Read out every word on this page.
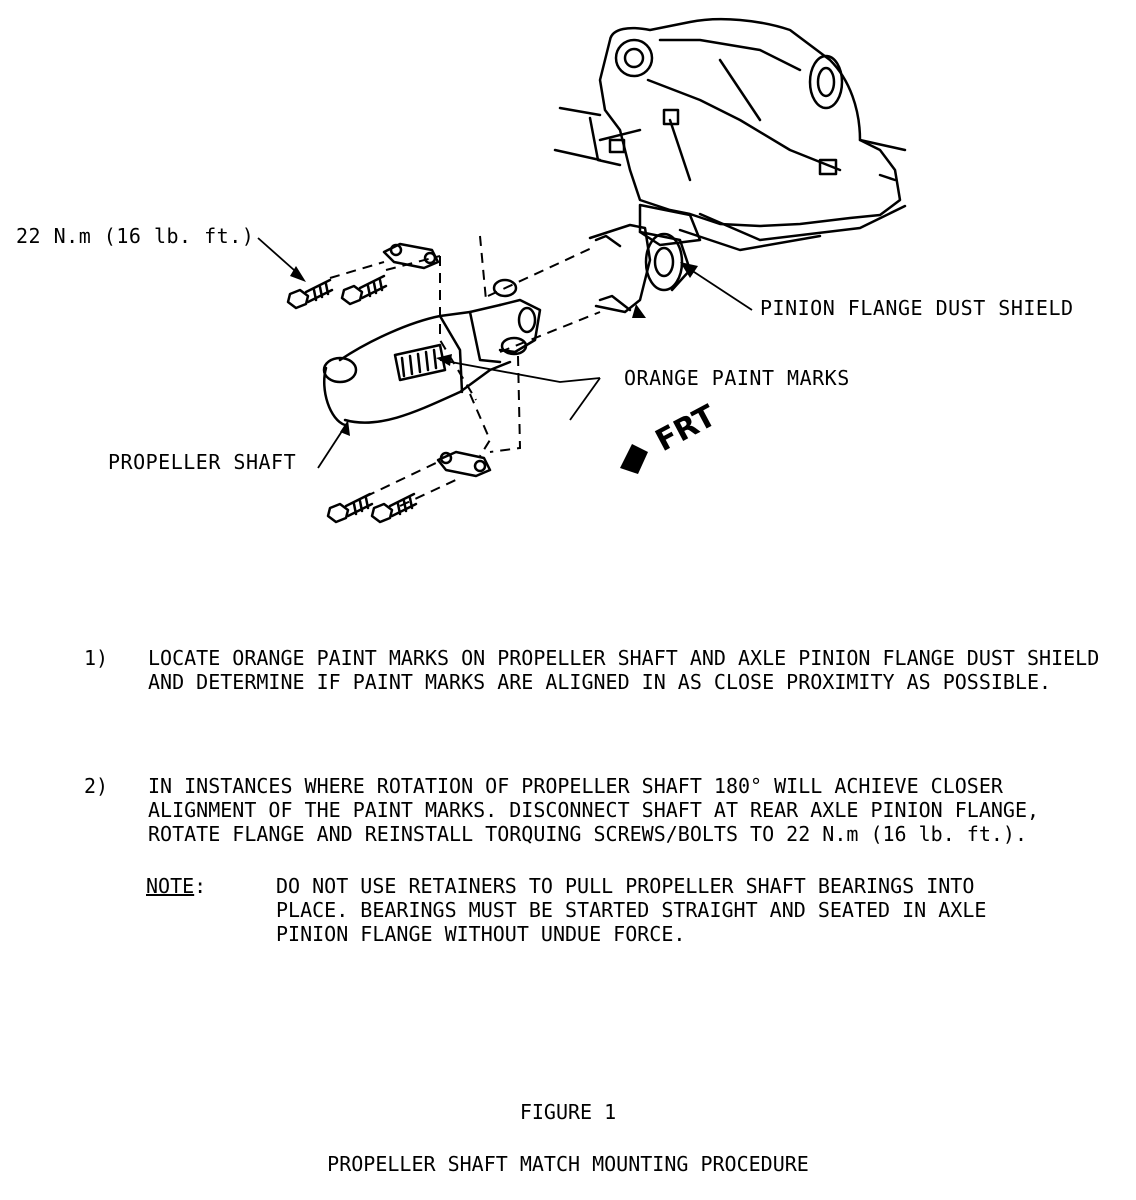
22 N.m (16 lb. ft.)
PINION FLANGE DUST SHIELD
ORANGE PAINT MARKS
PROPELLER SHAFT
FRT
1) LOCATE ORANGE PAINT MARKS ON PROPELLER SHAFT AND AXLE PINION FLANGE DUST SHIELD AND DETERMINE IF PAINT MARKS ARE ALIGNED IN AS CLOSE PROXIMITY AS POSSIBLE.
2) IN INSTANCES WHERE ROTATION OF PROPELLER SHAFT 180° WILL ACHIEVE CLOSER ALIGNMENT OF THE PAINT MARKS. DISCONNECT SHAFT AT REAR AXLE PINION FLANGE, ROTATE FLANGE AND REINSTALL TORQUING SCREWS/BOLTS TO 22 N.m (16 lb. ft.).
NOTE:	DO NOT USE RETAINERS TO PULL PROPELLER SHAFT BEARINGS INTO PLACE. BEARINGS MUST BE STARTED STRAIGHT AND SEATED IN AXLE PINION FLANGE WITHOUT UNDUE FORCE.
FIGURE 1
PROPELLER SHAFT MATCH MOUNTING PROCEDURE
